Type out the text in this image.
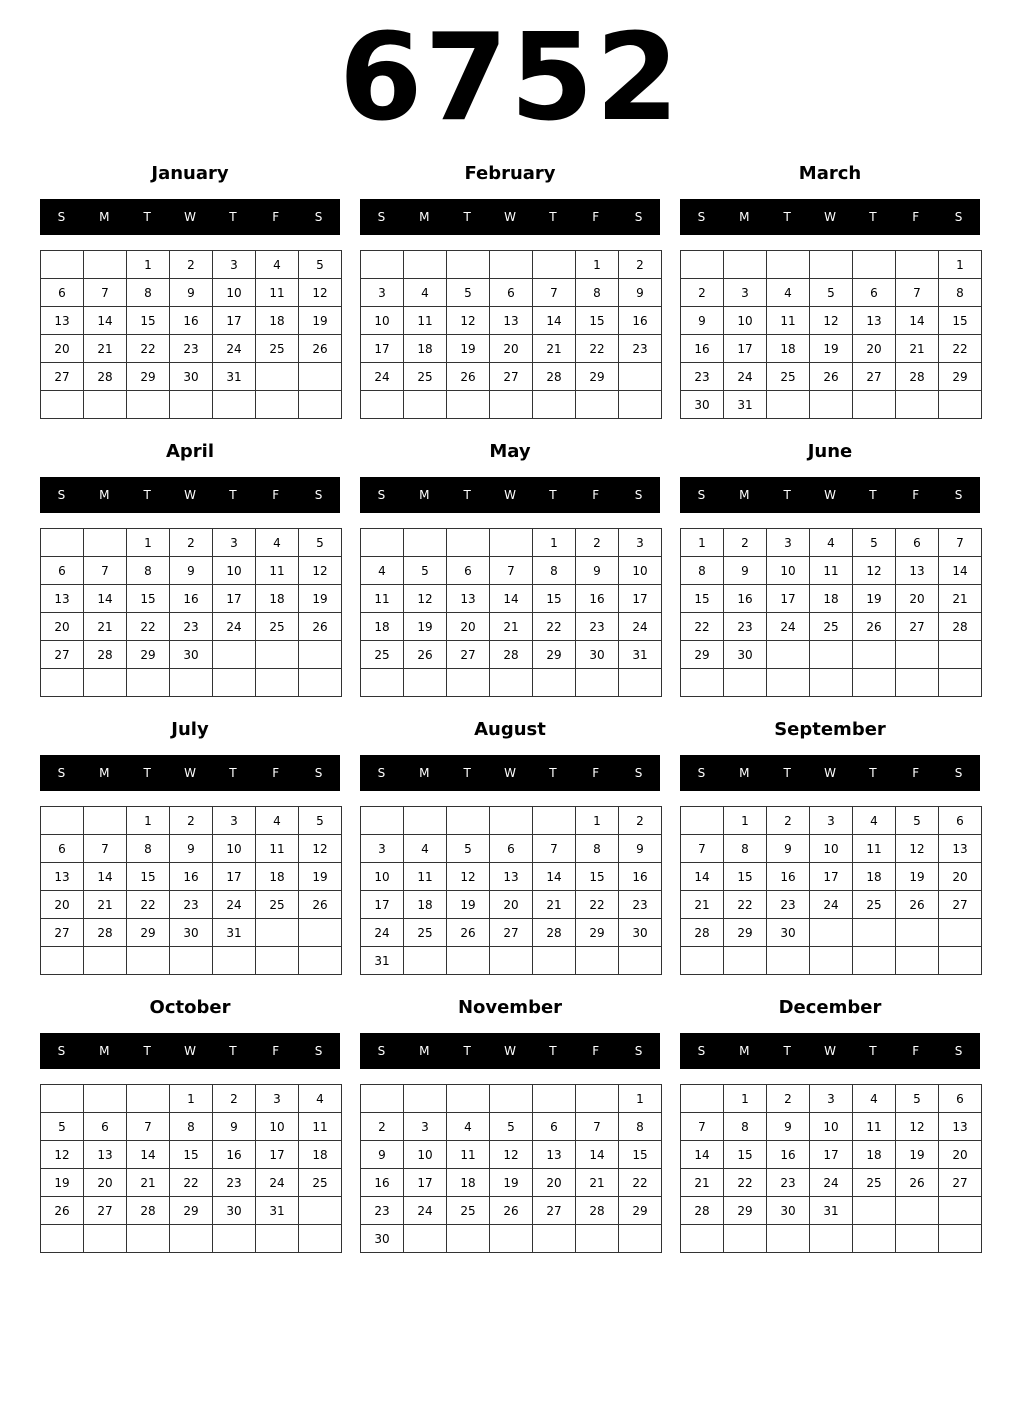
6752
January
S	M	T	W	T	F	S
		1	2	3	4	5
6	7	8	9	10	11	12
13	14	15	16	17	18	19
20	21	22	23	24	25	26
27	28	29	30	31		

February
S	M	T	W	T	F	S
					1	2
3	4	5	6	7	8	9
10	11	12	13	14	15	16
17	18	19	20	21	22	23
24	25	26	27	28	29	

March
S	M	T	W	T	F	S
						1
2	3	4	5	6	7	8
9	10	11	12	13	14	15
16	17	18	19	20	21	22
23	24	25	26	27	28	29
30	31					
April
S	M	T	W	T	F	S
		1	2	3	4	5
6	7	8	9	10	11	12
13	14	15	16	17	18	19
20	21	22	23	24	25	26
27	28	29	30			

May
S	M	T	W	T	F	S
				1	2	3
4	5	6	7	8	9	10
11	12	13	14	15	16	17
18	19	20	21	22	23	24
25	26	27	28	29	30	31

June
S	M	T	W	T	F	S
1	2	3	4	5	6	7
8	9	10	11	12	13	14
15	16	17	18	19	20	21
22	23	24	25	26	27	28
29	30					

July
S	M	T	W	T	F	S
		1	2	3	4	5
6	7	8	9	10	11	12
13	14	15	16	17	18	19
20	21	22	23	24	25	26
27	28	29	30	31		

August
S	M	T	W	T	F	S
					1	2
3	4	5	6	7	8	9
10	11	12	13	14	15	16
17	18	19	20	21	22	23
24	25	26	27	28	29	30
31						
September
S	M	T	W	T	F	S
	1	2	3	4	5	6
7	8	9	10	11	12	13
14	15	16	17	18	19	20
21	22	23	24	25	26	27
28	29	30				

October
S	M	T	W	T	F	S
			1	2	3	4
5	6	7	8	9	10	11
12	13	14	15	16	17	18
19	20	21	22	23	24	25
26	27	28	29	30	31	

November
S	M	T	W	T	F	S
						1
2	3	4	5	6	7	8
9	10	11	12	13	14	15
16	17	18	19	20	21	22
23	24	25	26	27	28	29
30						
December
S	M	T	W	T	F	S
	1	2	3	4	5	6
7	8	9	10	11	12	13
14	15	16	17	18	19	20
21	22	23	24	25	26	27
28	29	30	31			
